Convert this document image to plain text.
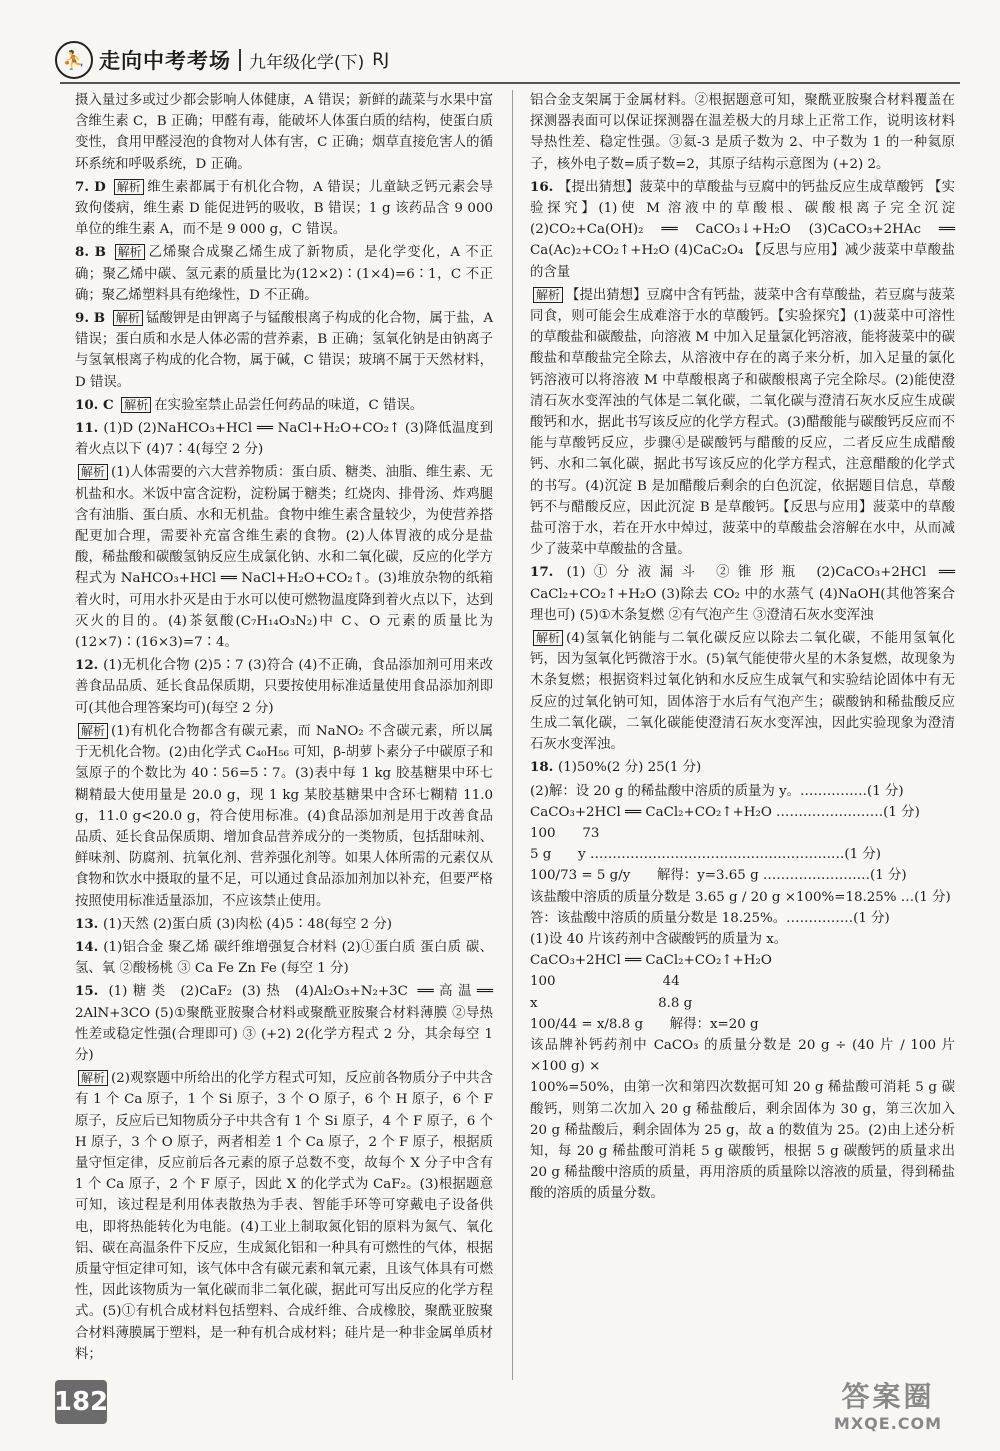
⛹ 走向中考考场 九年级化学(下) RJ
摄入量过多或过少都会影响人体健康，A 错误；新鲜的蔬菜与水果中富含维生素 C，B 正确；甲醛有毒，能破坏人体蛋白质的结构，使蛋白质变性，食用甲醛浸泡的食物对人体有害，C 正确；烟草直接危害人的循环系统和呼吸系统，D 正确。
7. D 解析 维生素都属于有机化合物，A 错误；儿童缺乏钙元素会导致佝偻病，维生素 D 能促进钙的吸收，B 错误；1 g 该药品含 9 000 单位的维生素 A，而不是 9 000 g，C 错误。
8. B 解析 乙烯聚合成聚乙烯生成了新物质，是化学变化，A 不正确；聚乙烯中碳、氢元素的质量比为(12×2)∶(1×4)=6∶1，C 不正确；聚乙烯塑料具有绝缘性，D 不正确。
9. B 解析 锰酸钾是由钾离子与锰酸根离子构成的化合物，属于盐，A 错误；蛋白质和水是人体必需的营养素，B 正确；氢氧化钠是由钠离子与氢氧根离子构成的化合物，属于碱，C 错误；玻璃不属于天然材料，D 错误。
10. C 解析 在实验室禁止品尝任何药品的味道，C 错误。
11. (1)D (2)NaHCO₃+HCl ══ NaCl+H₂O+CO₂↑ (3)降低温度到着火点以下 (4)7∶4(每空 2 分)
解析 (1)人体需要的六大营养物质：蛋白质、糖类、油脂、维生素、无机盐和水。米饭中富含淀粉，淀粉属于糖类；红烧肉、排骨汤、炸鸡腿含有油脂、蛋白质、水和无机盐。食物中维生素含量较少，为使营养搭配更加合理，需要补充富含维生素的食物。(2)人体胃液的成分是盐酸，稀盐酸和碳酸氢钠反应生成氯化钠、水和二氧化碳，反应的化学方程式为 NaHCO₃+HCl ══ NaCl+H₂O+CO₂↑。(3)堆放杂物的纸箱着火时，可用水扑灭是由于水可以使可燃物温度降到着火点以下，达到灭火的目的。(4)茶氨酸(C₇H₁₄O₃N₂)中 C、O 元素的质量比为(12×7)∶(16×3)=7∶4。
12. (1)无机化合物 (2)5∶7 (3)符合 (4)不正确，食品添加剂可用来改善食品品质、延长食品保质期，只要按使用标准适量使用食品添加剂即可(其他合理答案均可)(每空 2 分)
解析 (1)有机化合物都含有碳元素，而 NaNO₂ 不含碳元素，所以属于无机化合物。(2)由化学式 C₄₀H₅₆ 可知，β-胡萝卜素分子中碳原子和氢原子的个数比为 40∶56=5∶7。(3)表中每 1 kg 胶基糖果中环七糊精最大使用量是 20.0 g，现 1 kg 某胶基糖果中含环七糊精 11.0 g，11.0 g<20.0 g，符合使用标准。(4)食品添加剂是用于改善食品品质、延长食品保质期、增加食品营养成分的一类物质，包括甜味剂、鲜味剂、防腐剂、抗氧化剂、营养强化剂等。如果人体所需的元素仅从食物和饮水中摄取的量不足，可以通过食品添加剂加以补充，但要严格按照使用标准适量添加，不应该禁止使用。
13. (1)天然 (2)蛋白质 (3)肉松 (4)5∶48(每空 2 分)
14. (1)铝合金 聚乙烯 碳纤维增强复合材料 (2)①蛋白质 蛋白质 碳、氢、氧 ②酸杨桃 ③ Ca Fe Zn Fe (每空 1 分)
15. (1)糖类 (2)CaF₂ (3)热 (4)Al₂O₃+N₂+3C ══高温══ 2AlN+3CO (5)①聚酰亚胺聚合材料或聚酰亚胺聚合材料薄膜 ②导热性差或稳定性强(合理即可) ③ (+2) 2(化学方程式 2 分，其余每空 1 分)
解析 (2)观察题中所给出的化学方程式可知，反应前各物质分子中共含有 1 个 Ca 原子，1 个 Si 原子，3 个 O 原子，6 个 H 原子，6 个 F 原子，反应后已知物质分子中共含有 1 个 Si 原子，4 个 F 原子，6 个 H 原子，3 个 O 原子，两者相差 1 个 Ca 原子，2 个 F 原子，根据质量守恒定律，反应前后各元素的原子总数不变，故每个 X 分子中含有 1 个 Ca 原子，2 个 F 原子，因此 X 的化学式为 CaF₂。(3)根据题意可知，该过程是利用体表散热为手表、智能手环等可穿戴电子设备供电，即将热能转化为电能。(4)工业上制取氮化铝的原料为氮气、氧化铝、碳在高温条件下反应，生成氮化铝和一种具有可燃性的气体，根据质量守恒定律可知，该气体中含有碳元素和氧元素，且该气体具有可燃性，因此该物质为一氧化碳而非二氧化碳，据此可写出反应的化学方程式。(5)①有机合成材料包括塑料、合成纤维、合成橡胶，聚酰亚胺聚合材料薄膜属于塑料，是一种有机合成材料；硅片是一种非金属单质材料；
铝合金支架属于金属材料。②根据题意可知，聚酰亚胺聚合材料覆盖在探测器表面可以保证探测器在温差极大的月球上正常工作，说明该材料导热性差、稳定性强。③氦-3 是质子数为 2、中子数为 1 的一种氦原子，核外电子数=质子数=2，其原子结构示意图为 (+2) 2。
16. 【提出猜想】菠菜中的草酸盐与豆腐中的钙盐反应生成草酸钙 【实验探究】(1)使 M 溶液中的草酸根、碳酸根离子完全沉淀 (2)CO₂+Ca(OH)₂ ══ CaCO₃↓+H₂O (3)CaCO₃+2HAc ══ Ca(Ac)₂+CO₂↑+H₂O (4)CaC₂O₄ 【反思与应用】减少菠菜中草酸盐的含量
解析 【提出猜想】豆腐中含有钙盐，菠菜中含有草酸盐，若豆腐与菠菜同食，则可能会生成难溶于水的草酸钙。【实验探究】(1)菠菜中可溶性的草酸盐和碳酸盐，向溶液 M 中加入足量氯化钙溶液，能将菠菜中的碳酸盐和草酸盐完全除去，从溶液中存在的离子来分析，加入足量的氯化钙溶液可以将溶液 M 中草酸根离子和碳酸根离子完全除尽。(2)能使澄清石灰水变浑浊的气体是二氧化碳，二氧化碳与澄清石灰水反应生成碳酸钙和水，据此书写该反应的化学方程式。(3)醋酸能与碳酸钙反应而不能与草酸钙反应，步骤④是碳酸钙与醋酸的反应，二者反应生成醋酸钙、水和二氧化碳，据此书写该反应的化学方程式，注意醋酸的化学式的书写。(4)沉淀 B 是加醋酸后剩余的白色沉淀，依据题目信息，草酸钙不与醋酸反应，因此沉淀 B 是草酸钙。【反思与应用】菠菜中的草酸盐可溶于水，若在开水中焯过，菠菜中的草酸盐会溶解在水中，从而减少了菠菜中草酸盐的含量。
17. (1)①分液漏斗 ②锥形瓶 (2)CaCO₃+2HCl ══ CaCl₂+CO₂↑+H₂O (3)除去 CO₂ 中的水蒸气 (4)NaOH(其他答案合理也可) (5)①木条复燃 ②有气泡产生 ③澄清石灰水变浑浊
解析 (4)氢氧化钠能与二氧化碳反应以除去二氧化碳，不能用氢氧化钙，因为氢氧化钙微溶于水。(5)氧气能使带火星的木条复燃，故现象为木条复燃；根据资料过氧化钠和水反应生成氧气和实验结论固体中有无反应的过氧化钠可知，固体溶于水后有气泡产生；碳酸钠和稀盐酸反应生成二氧化碳，二氧化碳能使澄清石灰水变浑浊，因此实验现象为澄清石灰水变浑浊。
18. (1)50%(2 分) 25(1 分)
(2)解：设 20 g 的稀盐酸中溶质的质量为 y。……………(1 分)
CaCO₃+2HCl ══ CaCl₂+CO₂↑+H₂O ……………………(1 分)
100　　73
5 g　　y …………………………………………………(1 分)
100/73 = 5 g/y　　解得：y=3.65 g ……………………(1 分)
该盐酸中溶质的质量分数是 3.65 g / 20 g ×100%=18.25% …(1 分)
答：该盐酸中溶质的质量分数是 18.25%。……………(1 分)
(1)设 40 片该药剂中含碳酸钙的质量为 x。
CaCO₃+2HCl ══ CaCl₂+CO₂↑+H₂O
100　　　　　　　　44
x　　　　　　　　　8.8 g
100/44 = x/8.8 g　　解得：x=20 g
该品牌补钙药剂中 CaCO₃ 的质量分数是 20 g ÷ (40 片 / 100 片 ×100 g) ×
100%=50%，由第一次和第四次数据可知 20 g 稀盐酸可消耗 5 g 碳酸钙，则第二次加入 20 g 稀盐酸后，剩余固体为 30 g，第三次加入 20 g 稀盐酸后，剩余固体为 25 g，故 a 的数值为 25。(2)由上述分析知，每 20 g 稀盐酸可消耗 5 g 碳酸钙，根据 5 g 碳酸钙的质量求出 20 g 稀盐酸中溶质的质量，再用溶质的质量除以溶液的质量，得到稀盐酸的溶质的质量分数。
182	答案圈
MXQE.COM
